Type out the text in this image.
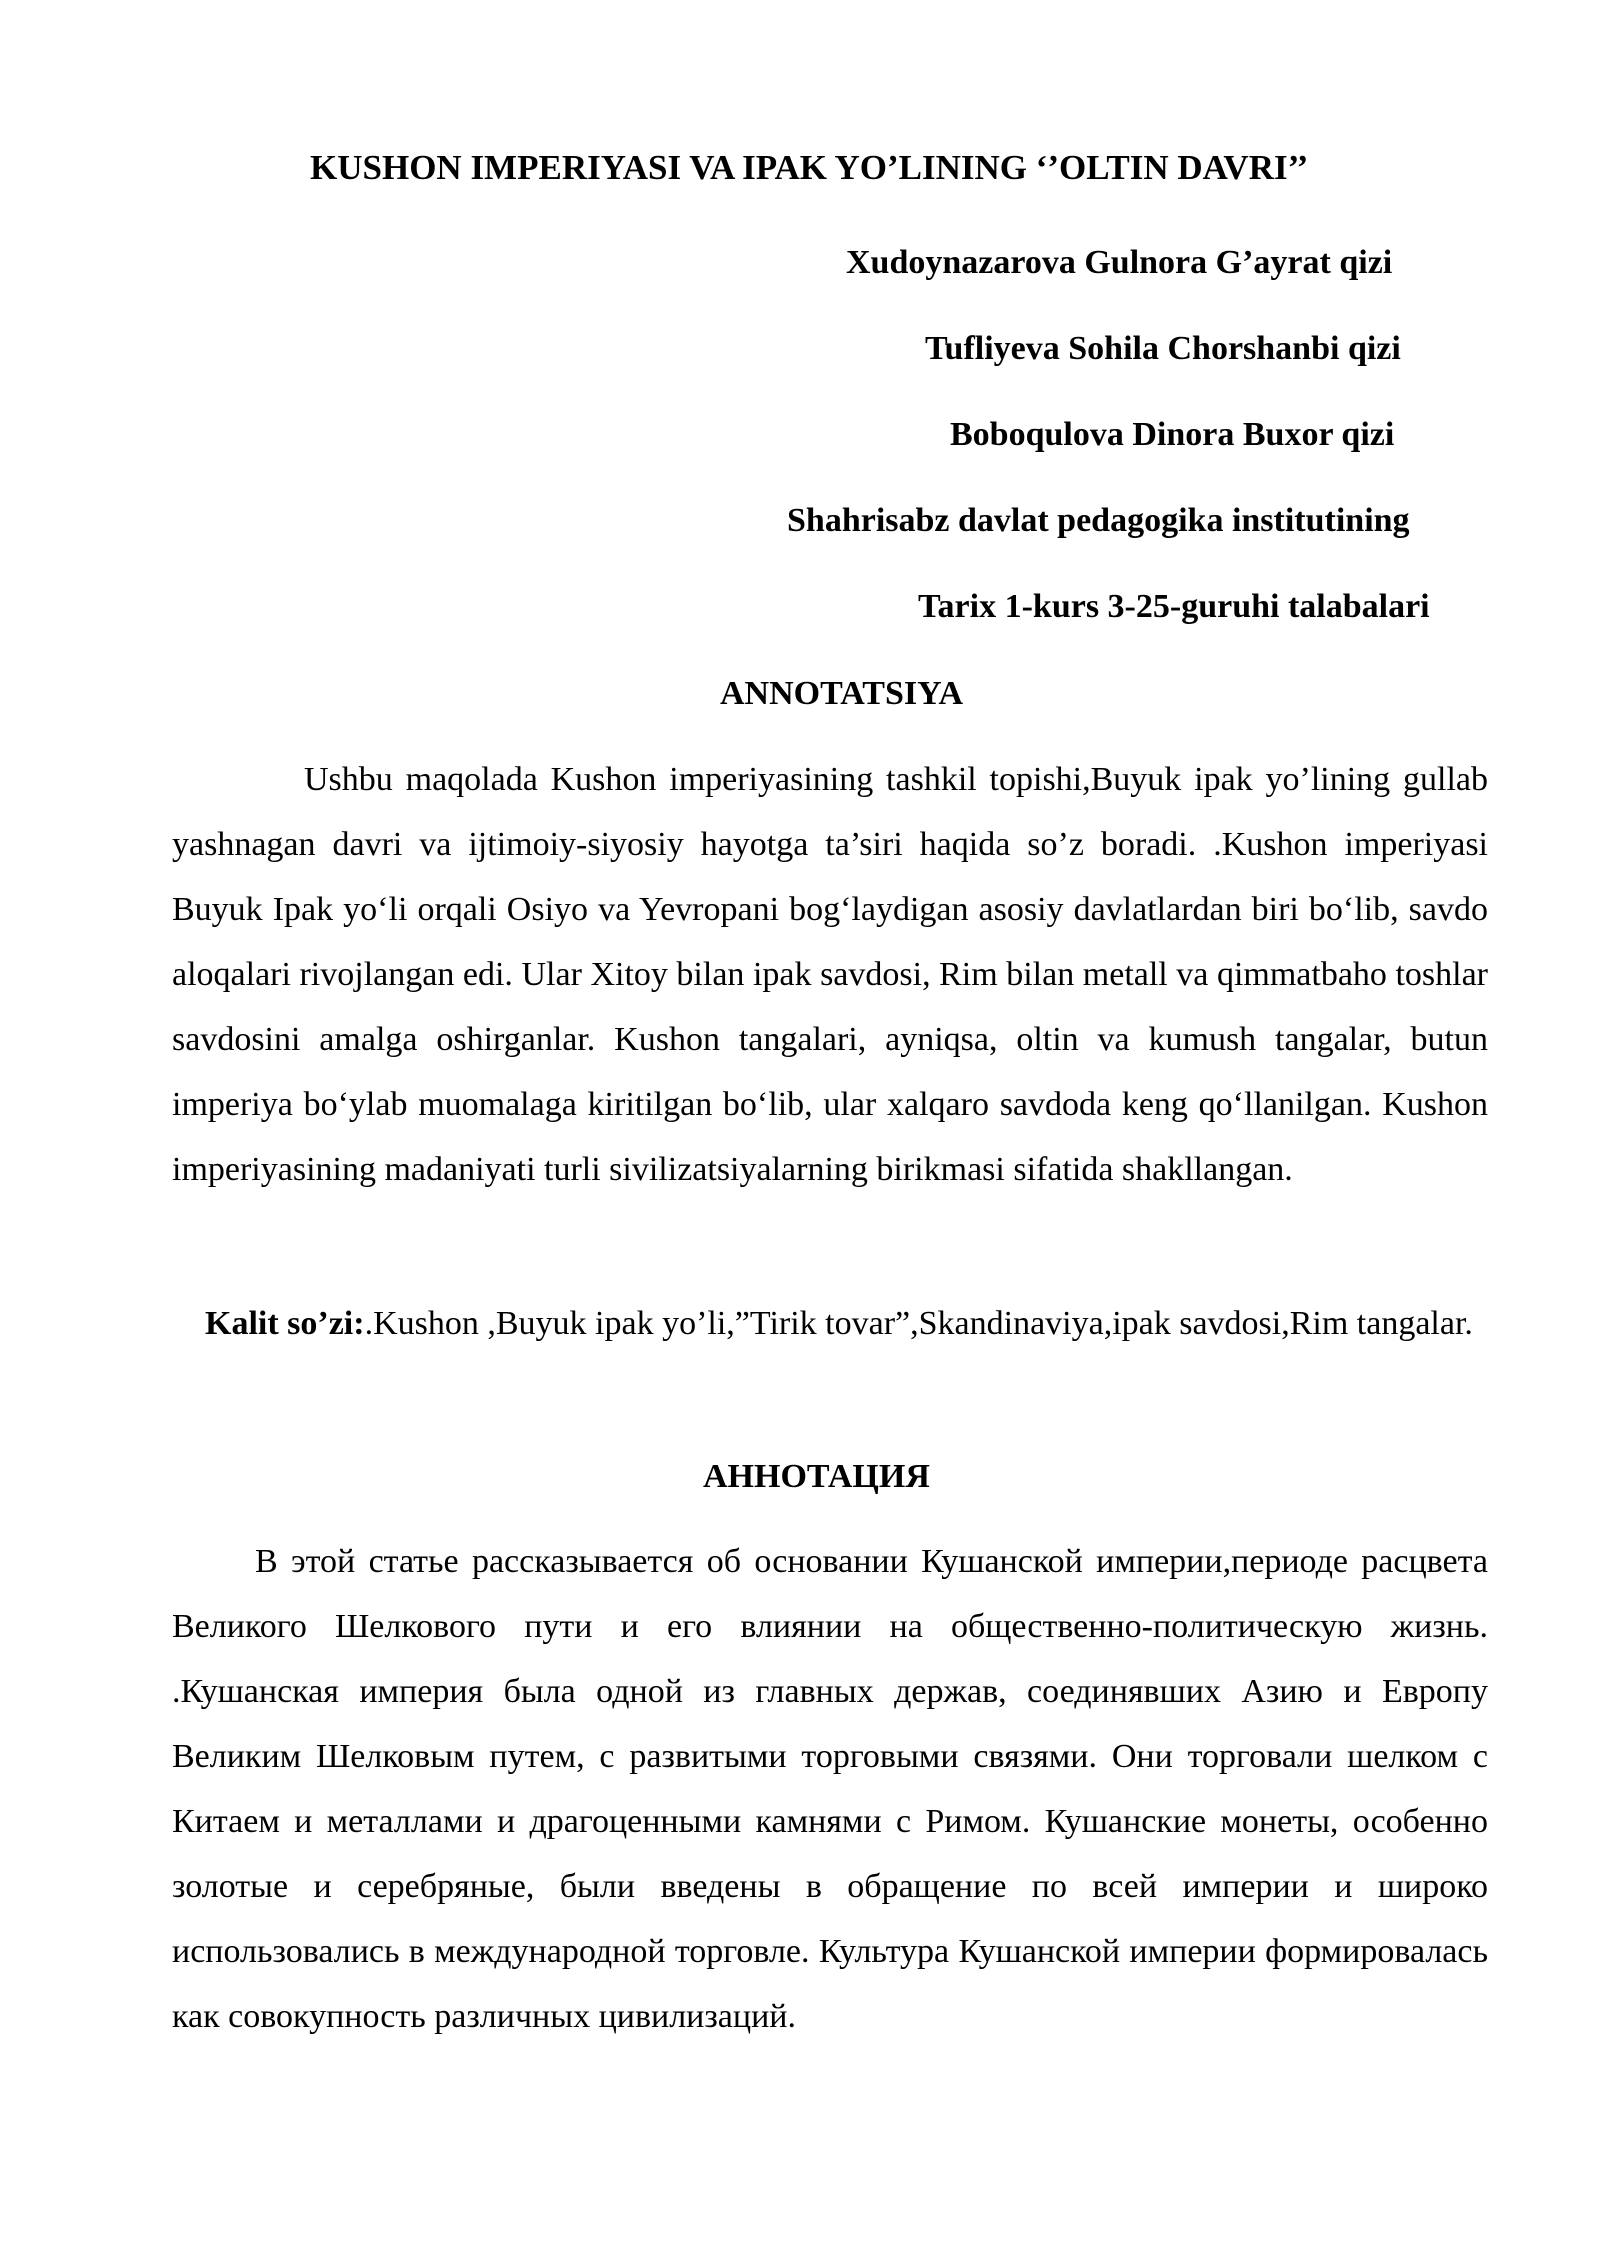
KUSHON IMPERIYASI VA IPAK YO’LINING ‘’OLTIN DAVRI’’
Xudoynazarova Gulnora G’ayrat qizi
Tufliyeva Sohila Chorshanbi qizi
Boboqulova Dinora Buxor qizi
Shahrisabz davlat pedagogika institutining
Tarix 1-kurs 3-25-guruhi talabalari
ANNOTATSIYA

Ushbu maqolada Kushon imperiyasining tashkil topishi,Buyuk ipak yo’lining gullab yashnagan davri va ijtimoiy-siyosiy hayotga ta’siri haqida so’z boradi. .Kushon imperiyasi Buyuk Ipak yo‘li orqali Osiyo va Yevropani bog‘laydigan asosiy davlatlardan biri bo‘lib, savdo aloqalari rivojlangan edi. Ular Xitoy bilan ipak savdosi, Rim bilan metall va qimmatbaho toshlar savdosini amalga oshirganlar. Kushon tangalari, ayniqsa, oltin va kumush tangalar, butun imperiya bo‘ylab muomalaga kiritilgan bo‘lib, ular xalqaro savdoda keng qo‘llanilgan. Kushon imperiyasining madaniyati turli sivilizatsiyalarning birikmasi sifatida shakllangan.

Kalit so’zi:.Kushon ,Buyuk ipak yo’li,”Tirik tovar”,Skandinaviya,ipak savdosi,Rim tangalar.

АННОТАЦИЯ

В этой статье рассказывается об основании Кушанской империи,периоде расцвета Великого Шелкового пути и его влиянии на общественно-политическую жизнь. .Кушанская империя была одной из главных держав, соединявших Азию и Европу Великим Шелковым путем, с развитыми торговыми связями. Они торговали шелком с Китаем и металлами и драгоценными камнями с Римом. Кушанские монеты, особенно золотые и серебряные, были введены в обращение по всей империи и широко использовались в международной торговле. Культура Кушанской империи формировалась как совокупность различных цивилизаций.
